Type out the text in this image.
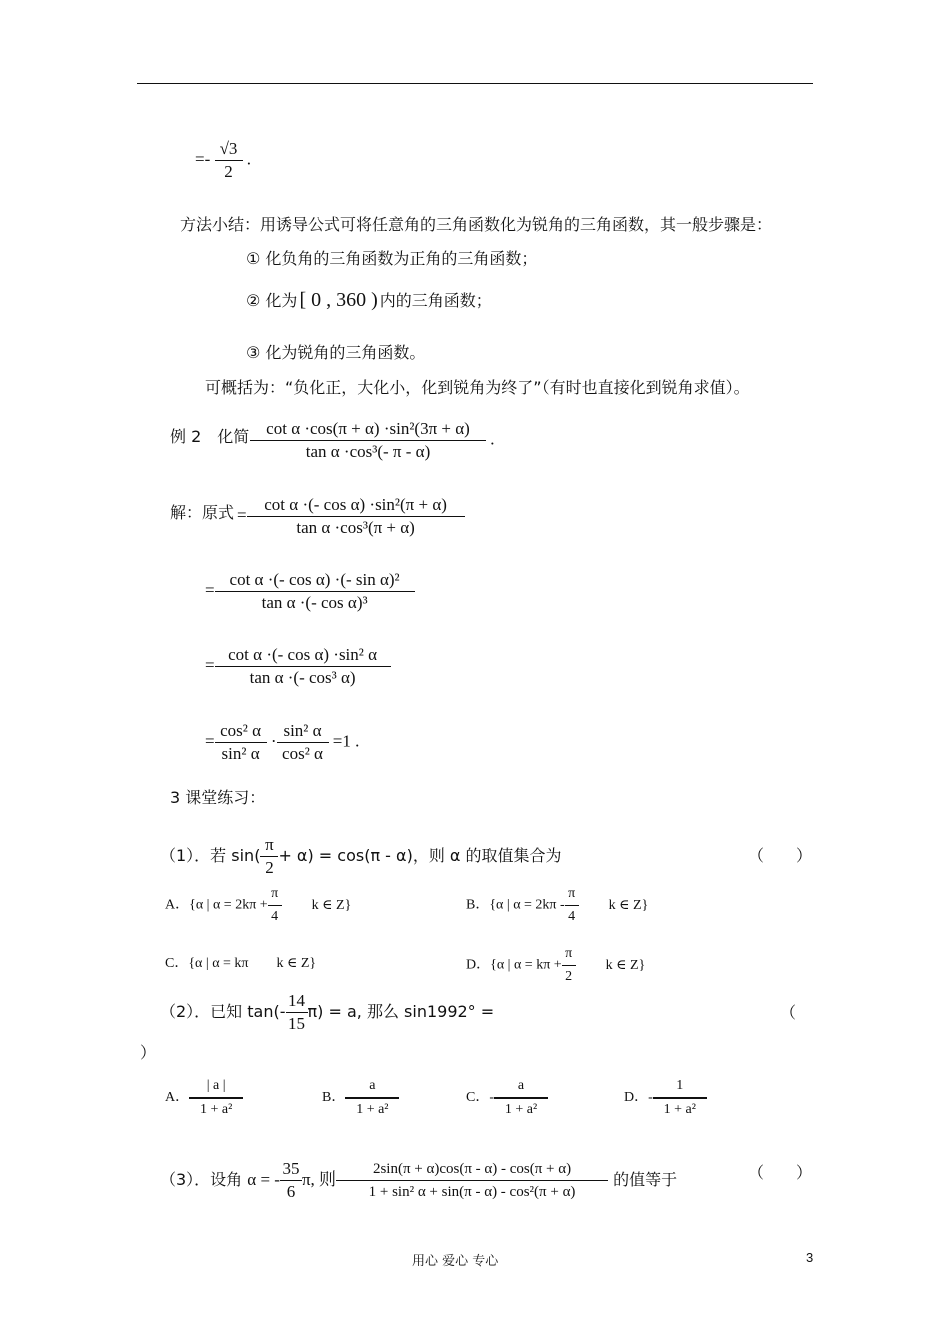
=- $\frac{√3}{2}$ .
方法小结：用诱导公式可将任意角的三角函数化为锐角的三角函数，其一般步骤是：
① 化负角的三角函数为正角的三角函数；
② 化为 [ 0 , 360 ) 内的三角函数；
③ 化为锐角的三角函数。
可概括为：“负化正，大化小，化到锐角为终了”（有时也直接化到锐角求值）。
例 2　化简 $\frac{\text{cot α ·cos(π + α) ·sin²(3π + α)}}{\text{tan α ·cos³(- π - α)}}$ .
解：原式 = $\frac{\text{cot α ·(- cos α) ·sin²(π + α)}}{\text{tan α ·cos³(π + α)}}$
= $\frac{\text{cot α ·(- cos α) ·(- sin α)²}}{\text{tan α ·(- cos α)³}}$
= $\frac{\text{cot α ·(- cos α) ·sin² α}}{\text{tan α ·(- cos³ α)}}$
= $\frac{\text{cos² α}}{\text{sin² α}} \cdot \frac{\text{sin² α}}{\text{cos² α}} =1$ .
3 课堂练习：
（1）．若 $\sin( \frac{\pi}{2} + \alpha) = \cos(\pi - \alpha)$，则 α 的取值集合为	（　　）
A．{α | $\alpha = 2k\pi + \frac{\pi}{4}$ k ∈ Z}	B．{α | $\alpha = 2k\pi - \frac{\pi}{4}$ k ∈ Z}
C．{α | α = kπ　　k ∈ Z}	D．{α | $\alpha = k\pi + \frac{\pi}{2}$ k ∈ Z}
（2）．已知 $\tan(- \frac{14}{15} \pi) = a$, 那么 sin1992° =	（
）
A． $\frac{| a |}{\text{1 + a²}}$	B． $\frac{a}{\text{1 + a²}}$	C．- $\frac{a}{\text{1 + a²}}$	D．- $\frac{1}{\text{1 + a²}}$
（3）．设角 α = - $\frac{35}{6} \pi$, 则 $\frac{2\sin(\pi + \alpha)\cos(\pi - \alpha) - \cos(\pi + \alpha)}{\text{1 + sin² α + sin(π - α) - cos²(π + α)}}$ 的值等于	（　　）
用心 爱心 专心	3
